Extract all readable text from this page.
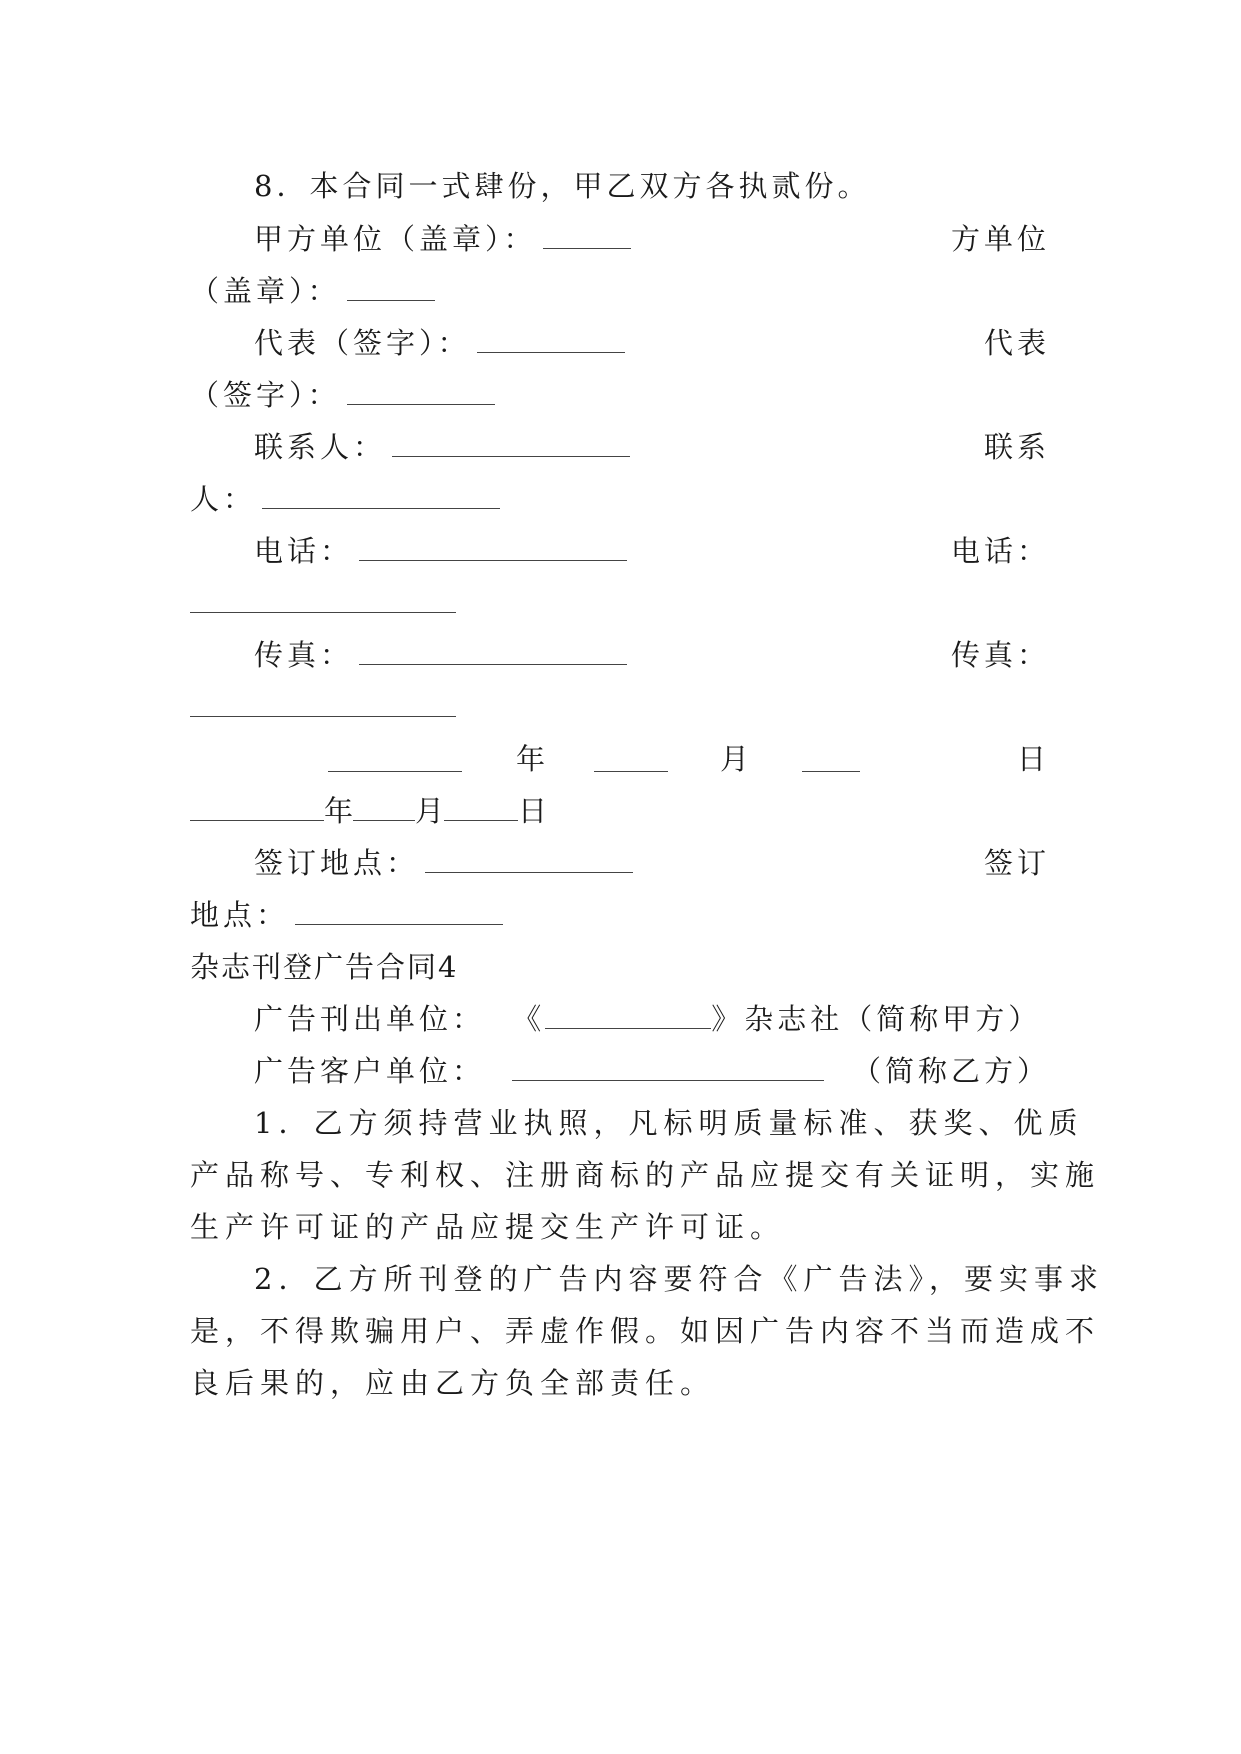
8．本合同一式肆份，甲乙双方各执贰份。
甲方单位（盖章）：	方单位
（盖章）：
代表（签字）：	代表
（签字）：
联系人：	联系
人：
电话：	电话：
传真：	传真：
年	月	日
年 月	日
签订地点：	签订
地点：
杂志刊登广告合同4
广告刊出单位： 《	》杂志社（简称甲方）
广告客户单位：	（简称乙方）
1．乙方须持营业执照，凡标明质量标准、获奖、优质
产品称号、专利权、注册商标的产品应提交有关证明，实施
生产许可证的产品应提交生产许可证。
2．乙方所刊登的广告内容要符合《广告法》，要实事求
是，不得欺骗用户、弄虚作假。如因广告内容不当而造成不
良后果的，应由乙方负全部责任。
